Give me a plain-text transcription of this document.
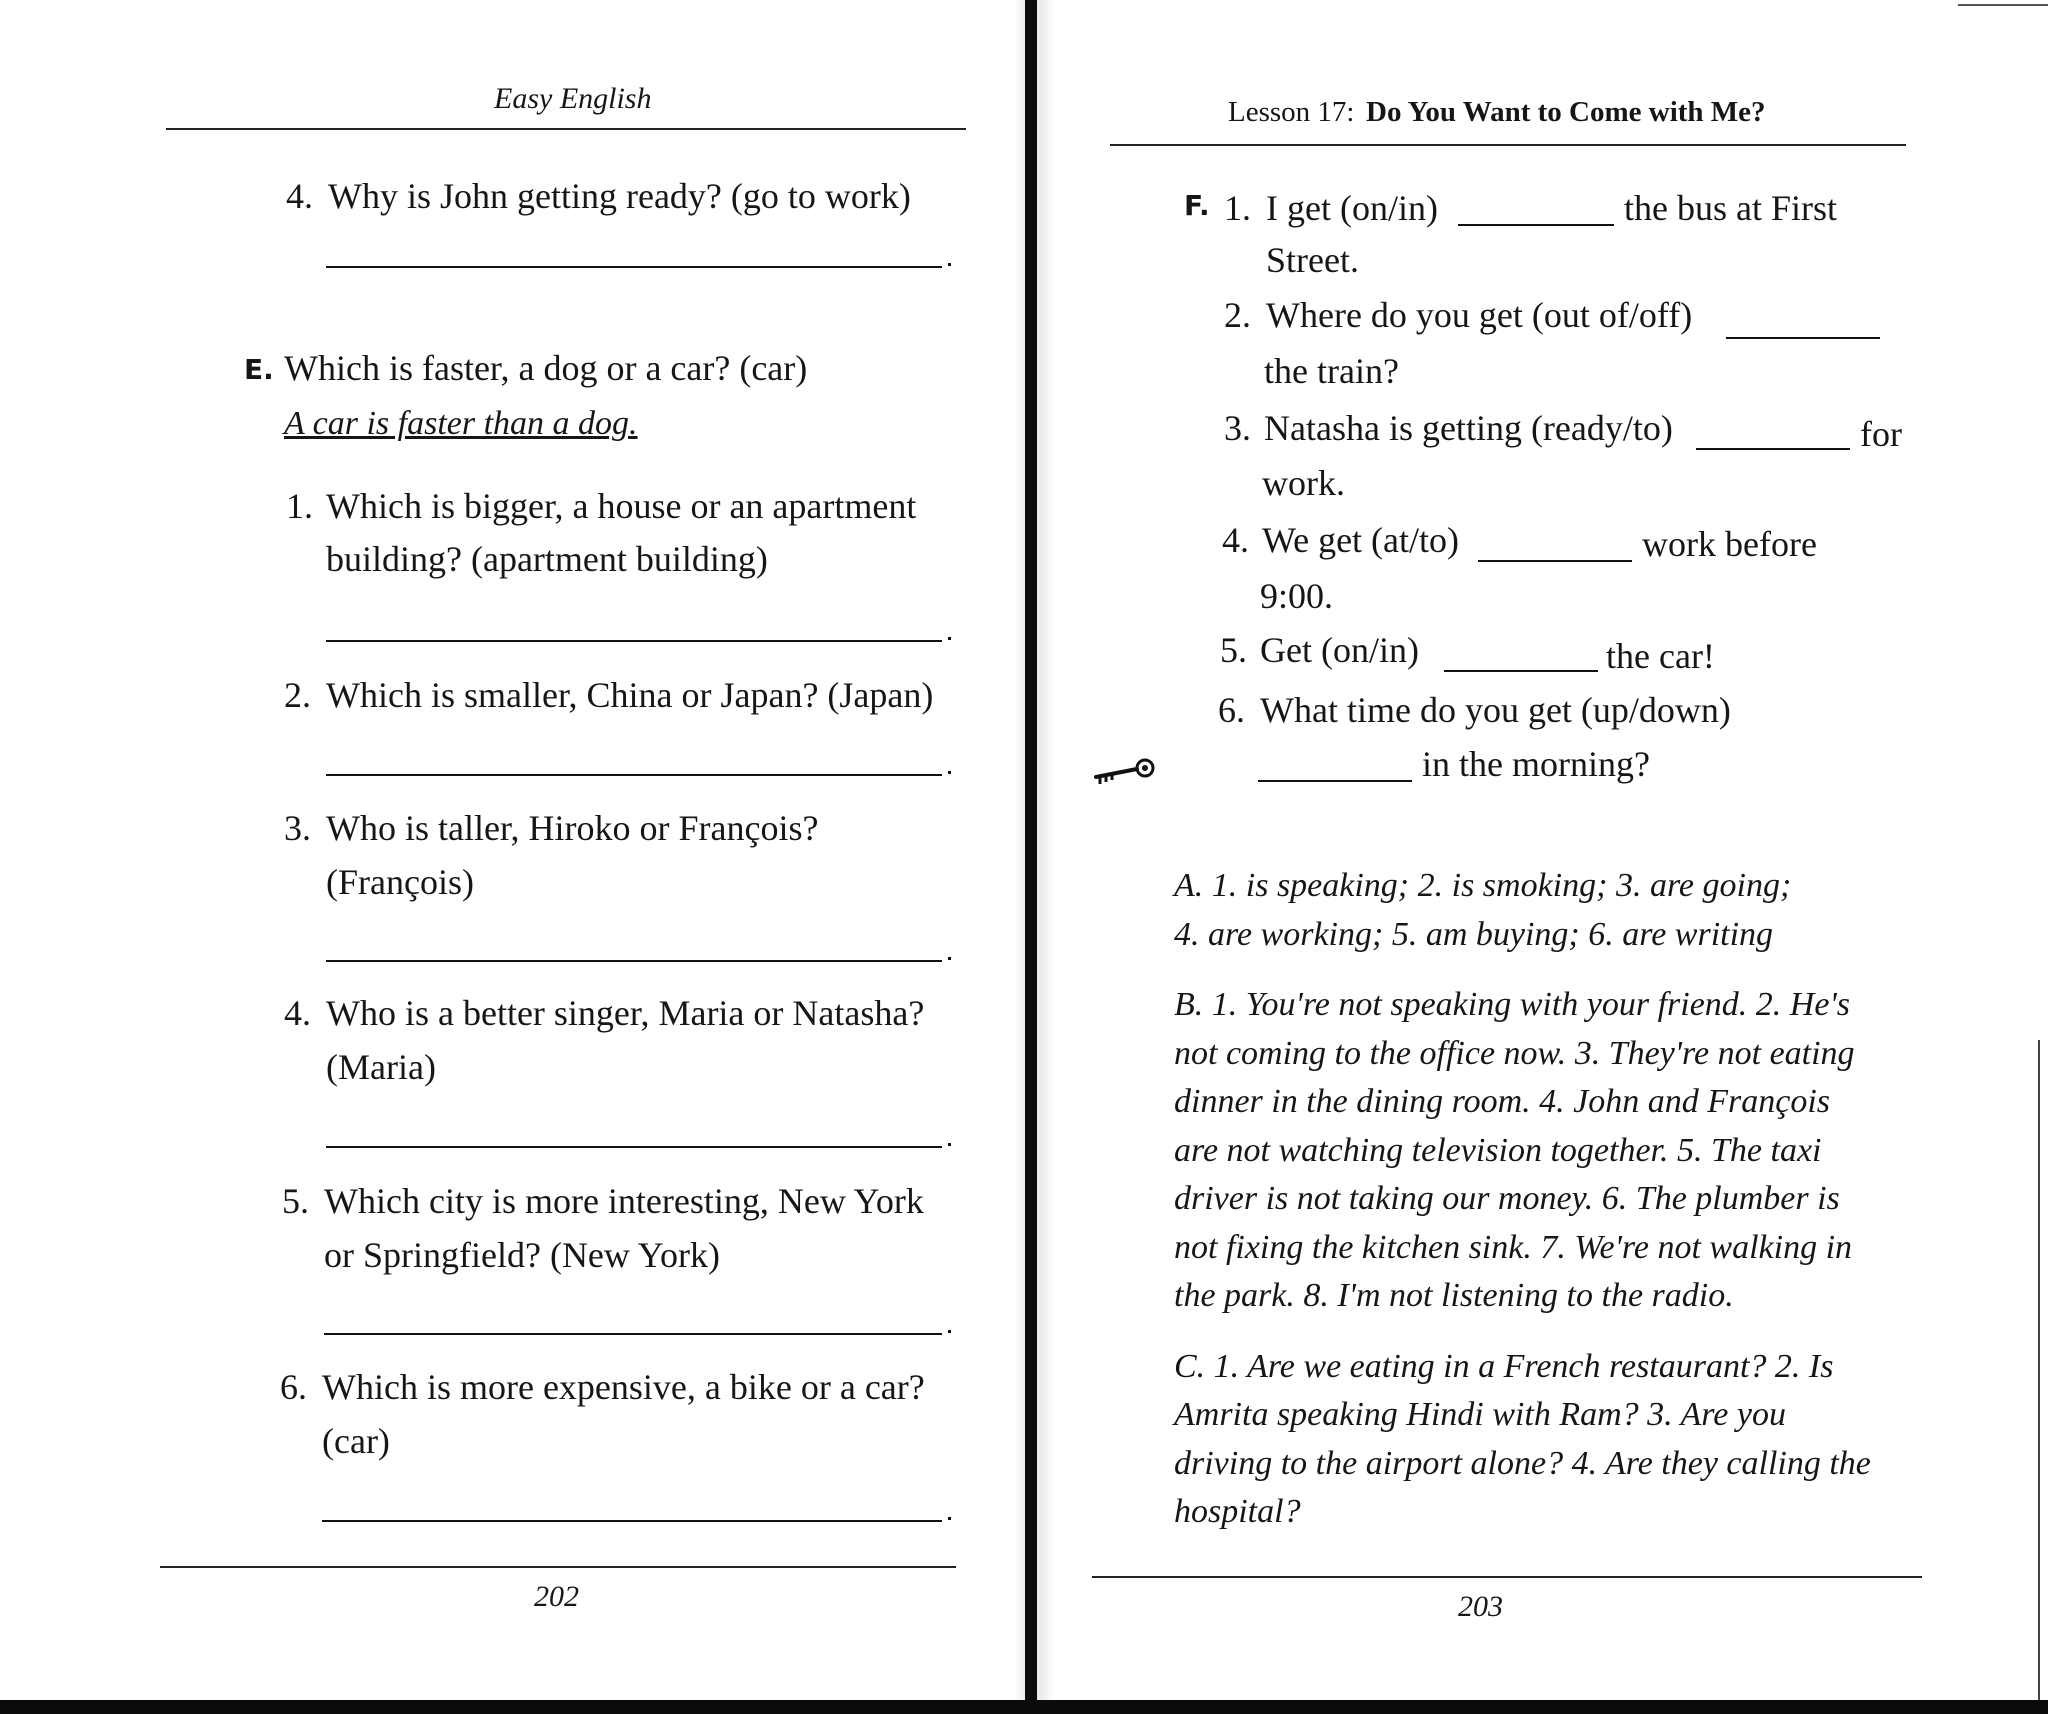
Easy English
4. Why is John getting ready? (go to work)
E. Which is faster, a dog or a car? (car)
A car is faster than a dog.
1. Which is bigger, a house or an apartment
building? (apartment building)
2. Which is smaller, China or Japan? (Japan)
3. Who is taller, Hiroko or François?
(François)
4. Who is a better singer, Maria or Natasha?
(Maria)
5. Which city is more interesting, New York
or Springfield? (New York)
6. Which is more expensive, a bike or a car?
(car)
202
Lesson 17: Do You Want to Come with Me?
F. 1. I get (on/in)	the bus at First
Street.
2. Where do you get (out of/off)
the train?
3. Natasha is getting (ready/to)	for
work.
4. We get (at/to)	work before
9:00.
5. Get (on/in)	the car!
6. What time do you get (up/down)
in the morning?
A. 1. is speaking; 2. is smoking; 3. are going;
4. are working; 5. am buying; 6. are writing
B. 1. You're not speaking with your friend. 2. He's
not coming to the office now. 3. They're not eating
dinner in the dining room. 4. John and François
are not watching television together. 5. The taxi
driver is not taking our money. 6. The plumber is
not fixing the kitchen sink. 7. We're not walking in
the park. 8. I'm not listening to the radio.
C. 1. Are we eating in a French restaurant? 2. Is
Amrita speaking Hindi with Ram? 3. Are you
driving to the airport alone? 4. Are they calling the
hospital?
203
